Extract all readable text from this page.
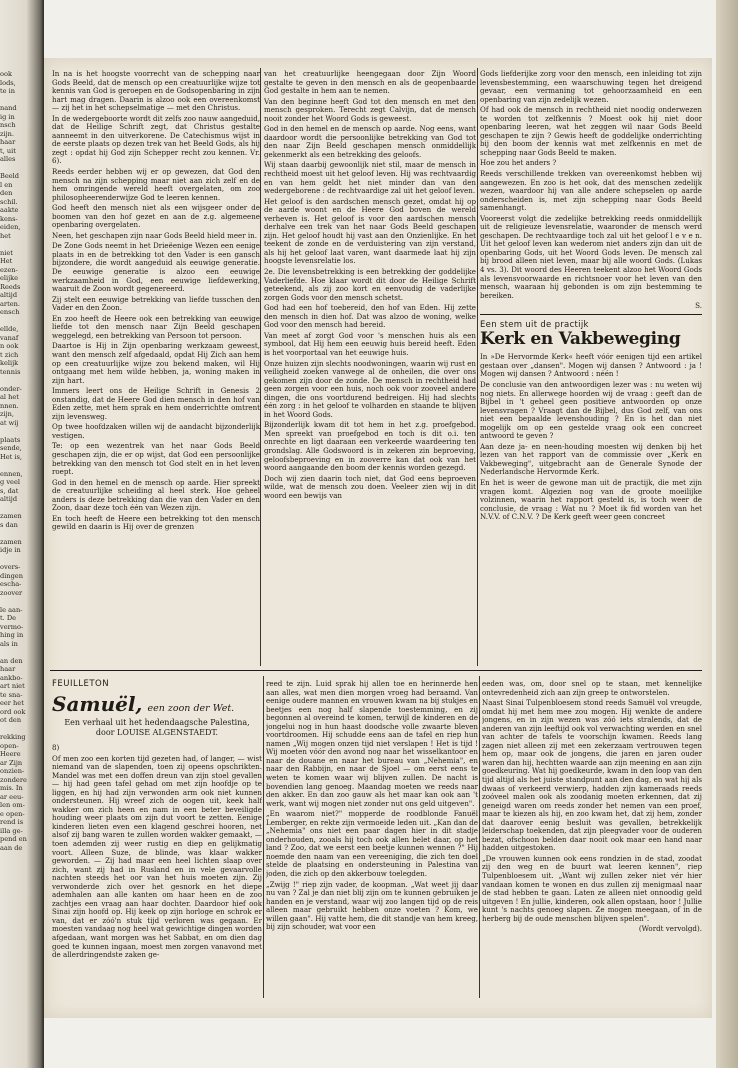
ook
lods,
te in

nand
ig in
nsch
zijn.
haar
t, uit
alles

Beeld
l en
den
schil.
aakte
kens-
eiden,
het

niet
Het
ezen-
elijke
Reeds
altijd
arten.
ensch

ellde,
vanaf
n ook
t zich
kelijk
tennis

onder-
al het
nnen.
zijn,
at wij

plaats
sende,
Het is,

ennen,
g veel
s, dat
altijd

zamen
s dan

zamen
idje in

overs-
dingen
escha-
zoover

le aan-
t. De
vermo-
hing in
als in

an den
haar
ankbo-
art niet
te sna-
eer het
ord ook
ot den

rekking
open-
Heere
ar Zijn
onzien-
zondere
mis. In
ar eeu-
len om-
e open-
rend is
illa ge-
pend en
aan de

In na is het hoogste voorrecht van de schepping naar Gods Beeld, dat de mensch op een creatuurlijke wijze tot kennis van God is geroepen en de Godsopenbaring in zijn hart mag dragen. Daarin is alzoo ook een overeenkomst — zij het in het schepselmatige — met den Christus.

In de wedergeboorte wordt dit zelfs zoo nauw aangeduid, dat de Heilige Schrift zegt, dat Christus gestalte aanneemt in den uitverkorene. De Catechismus wijst in de eerste plaats op dezen trek van het Beeld Gods, als hij zegt : opdat hij God zijn Schepper recht zou kennen. Vr. 6).

Reeds eerder hebben wij er op gewezen, dat God den mensch na zijn schepping maar niet aan zich zelf en de hem omringende wereld heeft overgelaten, om zoo philosopheerenderwijze God te leeren kennen.

God heeft den mensch niet als een wijsgeer onder de boomen van den hof gezet en aan de z.g. algemeene openbaring overgelaten.

Neen, het geschapen zijn naar Gods Beeld hield meer in.

De Zone Gods neemt in het Drieëenige Wezen een eenige plaats in en de betrekking tot den Vader is een gansch bijzondere, die wordt aangeduid als eeuwige generatie. De eeuwige generatie is alzoo een eeuwige werkzaamheid in God, een eeuwige liefdewerking, waaruit de Zoon wordt gegenereerd.

Zij stelt een eeuwige betrekking van liefde tusschen den Vader en den Zoon.

En zoo heeft de Heere ook een betrekking van eeuwige liefde tot den mensch naar Zijn Beeld geschapen weggelegd, een betrekking van Persoon tot persoon.

Daartoe is Hij in Zijn openbaring werkzaam geweest, want den mensch zelf afgedaald, opdat Hij Zich aan hem op een creatuurlijke wijze zou bekend maken, wil Hij ontgaang met hem wilde hebben, ja, woning maken in zijn hart.

Immers leert ons de Heilige Schrift in Genesis 2 onstandig, dat de Heere God dien mensch in den hof van Eden zette, met hem sprak en hem onderrichtte omtrent zijn levensweg.

Op twee hoofdzaken willen wij de aandacht bijzonderlijk vestigen.

Te: op een wezentrek van het naar Gods Beeld geschapen zijn, die er op wijst, dat God een persoonlijke betrekking van den mensch tot God stelt en in het leven roept.

God in den hemel en de mensch op aarde. Hier spreekt de creatuurlijke scheiding al heel sterk. Hoe geheel anders is deze betrekking dan die van den Vader en den Zoon, daar deze toch één van Wezen zijn.

En toch heeft de Heere een betrekking tot den mensch gewild en daarin is Hij over de grenzen

van het creatuurlijke heengegaan door Zijn Woord gestalte te geven in den mensch en als de geopenbaarde God gestalte in hem aan te nemen.

Van den beginne heeft God tot den mensch en met den mensch gesproken. Terecht zegt Calvijn, dat de mensch nooit zonder het Woord Gods is geweest.

God in den hemel en de mensch op aarde. Nog eens, want daardoor wordt die persoonlijke betrekking van God tot den naar Zijn Beeld geschapen mensch onmiddellijk gekenmerkt als een betrekking des geloofs.

Wij staan daarbij gewoonlijk niet stil, maar de mensch in rechtheid moest uit het geloof leven. Hij was rechtvaardig en van hem geldt het niet minder dan van den wedergeborene : de rechtvaardige zal uit het geloof leven.

Het geloof is den aardschen mensch gezet, omdat hij op de aarde woont en de Heere God boven de wereld verheven is. Het geloof is voor den aardschen mensch derhalve een trek van het naar Gods Beeld geschapen zijn. Het geloof houdt hij vast aan den Onzienlijke. En het teekent de zonde en de verduistering van zijn verstand, als hij het geloof laat varen, want daarmede laat hij zijn hoogste levensrelatie los.

2e. Die levensbetrekking is een betrekking der goddelijke Vaderliefde. Hoe klaar wordt dit door de Heilige Schrift geteekend, als zij zoo kort en eenvoudig de vaderlijke zorgen Gods voor den mensch schetst.

God had een hof toebereid, den hof van Eden. Hij zette den mensch in dien hof. Dat was alzoo de woning, welke God voor den mensch had bereid.

Van meet af zorgt God voor 's menschen huis als een symbool, dat Hij hem een eeuwig huis bereid heeft. Eden is het voorportaal van het eeuwige huis.

Onze huizen zijn slechts noodwoningen, waarin wij rust en veiligheid zoeken vanwege al de onheilen, die over ons gekomen zijn door de zonde. De mensch in rechtheid had geen zorgen voor een huis, noch ook voor zooveel andere dingen, die ons voortdurend bedreigen. Hij had slechts één zorg : in het geloof te volharden en staande te blijven in het Woord Gods.

Bijzonderlijk kwam dit tot hem in het z.g. proefgebod. Men spreekt van proefgebod en toch is dit o.i. ten onrechte en ligt daaraan een verkeerde waardeering ten grondslag. Alle Godswoord is in zekeren zin beproeving, geloofsbeproeving en in zooverre kan dat ook van het woord aangaande den boom der kennis worden gezegd.

Doch wij zien daarin toch niet, dat God eens beproeven wilde, wat de mensch zou doen. Veeleer zien wij in dit woord een bewijs van

Gods liefderijke zorg voor den mensch, een inleiding tot zijn levensbestemming, een waarschuwing tegen het dreigend gevaar, een vermaning tot gehoorzaamheid en een openbaring van zijn zedelijk wezen.

Of had ook de mensch in rechtheid niet noodig onderwezen te worden tot zelfkennis ? Moest ook hij niet door openbaring leeren, wat het zeggen wil naar Gods Beeld geschapen te zijn ? Gewis heeft de goddelijke onderrichting bij den boom der kennis wat met zelfkennis en met de schepping naar Gods Beeld te maken.

Hoe zou het anders ?

Reeds verschillende trekken van overeenkomst hebben wij aangewezen. En zoo is het ook, dat des menschen zedelijk wezen, waardoor hij van alle andere schepselen op aarde onderscheiden is, met zijn schepping naar Gods Beeld samenhangt.

Vooreerst volgt die zedelijke betrekking reeds onmiddellijk uit de religieuze levensrelatie, waaronder de mensch werd geschapen. De rechtvaardige toch zal uit het geloof l e v e n. Uit het geloof leven kan wederom niet anders zijn dan uit de openbaring Gods, uit het Woord Gods leven. De mensch zal bij brood alleen niet leven, maar bij alle woord Gods. (Lukas 4 vs. 3). Dit woord des Heeren teekent alzoo het Woord Gods als levensvoorwaarde en richtsnoer voor het leven van den mensch, waaraan hij gebonden is om zijn bestemming te bereiken.

S.

Een stem uit de practijk
Kerk en Vakbeweging

In »De Hervormde Kerk« heeft vóór eenigen tijd een artikel gestaan over „dansen". Mogen wij dansen ? Antwoord : ja ! Mogen wij dansen ? Antwoord : néén !

De conclusie van den antwoordigen lezer was : nu weten wij nog niets. En allerwege hoorden wij de vraag : geeft dan de Bijbel in 't geheel geen positieve antwoorden op onze levensvragen ? Vraagt dan de Bijbel, dus God zelf, van ons niet een bepaalde levenshouding ? En is het dan niet mogelijk om op een gestelde vraag ook een concreet antwoord te geven ?

Aan deze ja- en neen-houding moesten wij denken bij het lezen van het rapport van de commissie over „Kerk en Vakbeweging", uitgebracht aan de Generale Synode der Nederlandsche Hervormde Kerk.

En het is weer de gewone man uit de practijk, die met zijn vragen komt. Algezien nog van de groote moeilijke volzinnen, waarin het rapport gesteld is, is toch weer de conclusie, de vraag : Wat nu ? Moet ik fid worden van het N.V.V. of C.N.V. ? De Kerk geeft weer geen concreet

FEUILLETON
Samuël, een zoon der Wet.
Een verhaal uit het hedendaagsche Palestina,
door LOUISE ALGENSTAEDT.

8)

Of men zoo een korten tijd gezeten had, of langer, — wist niemand van de slapenden, toen zij opeens opschrikten. Mandel was met een doffen dreun van zijn stoel gevallen — hij had geen tafel gehad om met zijn hoofdje op te liggen, en hij had zijn verwonden arm ook niet kunnen ondersteunen. Hij wreef zich de oogen uit, keek half wakker om zich heen en nam in een beter beveiligde houding weer plaats om zijn dut voort te zetten. Eenige kinderen lieten even een klagend geschrei hooren, net alsof zij bang waren te zullen worden wakker gemaakt, — toen ademden zij weer rustig en diep en gelijkmatig voort. Alleen Suze, de blinde, was klaar wakker geworden. — Zij had maar een heel lichten slaap over zich, want zij had in Rusland en in vele gevaarvolle nachten steeds het oor van het huis moeten zijn. Zij verwonderde zich over het gesnork en het diepe ademhalen aan alle kanten om haar heen en de zoo zachtjes een vraag aan haar dochter. Daardoor hief ook Sinai zijn hoofd op. Hij keek op zijn horloge en schrok er van, dat er zóó'n stuk tijd verloren was gegaan. Er moesten vandaag nog heel wat gewichtige dingen worden afgedaan, want morgen was het Sabbat, en om dien dag goed te kunnen ingaan, moest men zorgen vanavond met de allerdringendste zaken ge-

reed te zijn. Luid sprak hij allen toe en herinnerde hen aan alles, wat men dien morgen vroeg had beraamd. Van eenige oudere mannen en vrouwen kwam na bij stukjes en beetjes een nog half slapende toestemming, en zij begonnen al overeind te komen, terwijl de kinderen en de jongelui nog in hun haast doodsche volle zwaarte bleven voortdroomen. Hij schudde eens aan de tafel en riep hun namen „Wij mogen onzen tijd niet verslapen ! Het is tijd ! Wij moeten vóór den avond nog naar het wisselkantoor en naar de douane en naar het bureau van „Nehemia", en naar den Rabbijn, en naar de Sjoel — om eerst eens te weten te komen waar wij blijven zullen. De nacht is bovendien lang genoeg. Maandag moeten we reeds naar den akker. En dan zoo gauw als het maar kan ook aan 't werk, want wij mogen niet zonder nut ons geld uitgeven".

„En waarom niet?" mopperde de roodblonde Fanuël Lemberger, en rekte zijn vermoeide leden uit. „Kan dan de „Nehemia" ons niet een paar dagen hier in dit stadje onderhouden, zooals hij toch ook allen belet daar, op het land ? Zoo, dat we eerst een beetje kunnen wennen ?" Hij noemde den naam van een vereeniging, die zich ten doel stelde de plaatsing en ondersteuning in Palestina van joden, die zich op den akkerbouw toelegden.

„Zwijg !" riep zijn vader, de koopman. „Wat weet jij daar nu van ? Zal je dan niet blij zijn om te kunnen gebruiken je handen en je verstand, waar wij zoo langen tijd op de reis alleen maar gebruikt hebben onze voeten ? Kom, we willen gaan". Hij vatte hem, die dit standje van hem kreeg, bij zijn schouder, wat voor een

eeden was, om, door snel op te staan, met kennelijke ontevredenheid zich aan zijn greep te ontworstelen.

Naast Sinai Tulpenbloesem stond reeds Samuël vol vreugde, omdat hij met hem mee zou mogen. Hij wenkte de andere jongens, en in zijn wezen was zóó iets stralends, dat de anderen van zijn leeftijd ook vol verwachting werden en snel van achter de tafels te voorschijn kwamen. Reeds lang zagen niet alleen zij met een zekerzaam vertrouwen tegen hem op, maar ook de jongens, die jaren en jaren ouder waren dan hij, hechtten waarde aan zijn meening en aan zijn goedkeuring. Wat hij goedkeurde, kwam in den loop van den tijd altijd als het juiste standpunt aan den dag, en wat hij als dwaas of verkeerd verwierp, hadden zijn kameraads reeds zoóveel malen ook als zoodanig moeten erkennen, dat zij geneigd waren om reeds zonder het nemen van een proef, maar te kiezen als hij, en zoo kwam het, dat zij hem, zonder dat daarover eenig besluit was gevallen, betrekkelijk leiderschap toekenden, dat zijn pleegvader voor de ouderen bezat, ofschoon belden daar nooit ook maar een hand naar hadden uitgestoken.

„De vrouwen kunnen ook eens rondzien in de stad, zoodat zij den weg en de buurt wat leeren kennen", riep Tulpenbloesem uit. „Want wij zullen zeker niet vér hier vandaan komen te wonen en dus zullen zij menigmaal naar de stad hebben te gaan. Laten ze alleen niet onnoodig geld uitgeven ! En jullie, kinderen, ook allen opstaan, hoor ! Jullie kunt 's nachts genoeg slapen. Ze mogen meegaan, of in de herberg bij de oude menschen blijven spelen".

(Wordt vervolgd).
